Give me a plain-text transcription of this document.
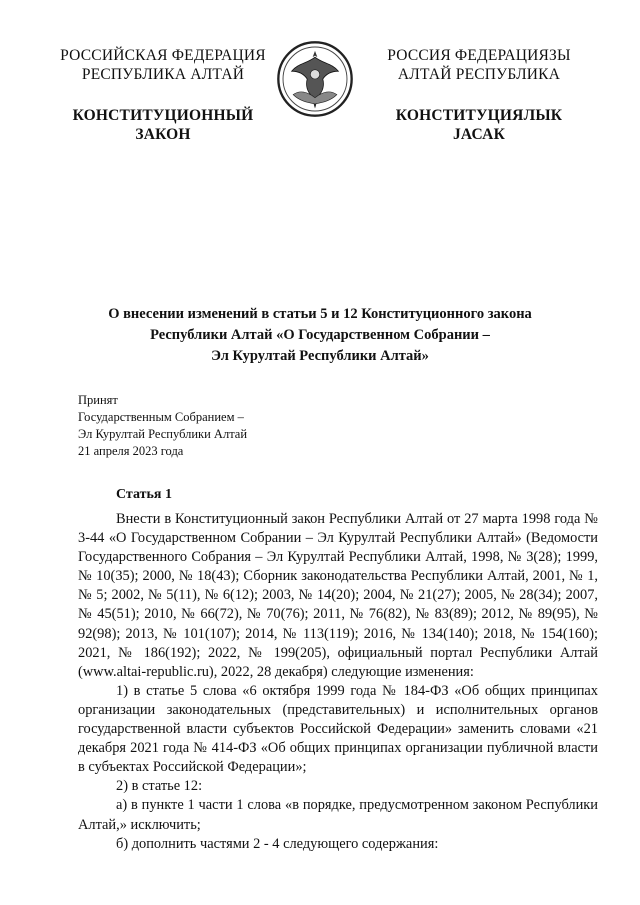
РОССИЙСКАЯ ФЕДЕРАЦИЯ
РЕСПУБЛИКА АЛТАЙ
КОНСТИТУЦИОННЫЙ
ЗАКОН
РОССИЯ ФЕДЕРАЦИЯЗЫ
АЛТАЙ РЕСПУБЛИКА
КОНСТИТУЦИЯЛЫК
JАСАК
О внесении изменений в статьи 5 и 12 Конституционного закона
Республики Алтай «О Государственном Собрании –
Эл Курултай Республики Алтай»
Принят
Государственным Собранием –
Эл Курултай Республики Алтай
21 апреля 2023 года
Статья 1

Внести в Конституционный закон Республики Алтай от 27 марта 1998 года № 3-44 «О Государственном Собрании – Эл Курултай Республики Алтай» (Ведомости Государственного Собрания – Эл Курултай Республики Алтай, 1998, № 3(28); 1999, № 10(35); 2000, № 18(43); Сборник законодательства Республики Алтай, 2001, № 1, № 5; 2002, № 5(11), № 6(12); 2003, № 14(20); 2004, № 21(27); 2005, № 28(34); 2007, № 45(51); 2010, № 66(72), № 70(76); 2011, № 76(82), № 83(89); 2012, № 89(95), № 92(98); 2013, № 101(107); 2014, № 113(119); 2016, № 134(140); 2018, № 154(160); 2021, № 186(192); 2022, № 199(205), официальный портал Республики Алтай (www.altai-republic.ru), 2022, 28 декабря) следующие изменения:

1) в статье 5 слова «6 октября 1999 года № 184-ФЗ «Об общих принципах организации законодательных (представительных) и исполнительных органов государственной власти субъектов Российской Федерации» заменить словами «21 декабря 2021 года № 414-ФЗ «Об общих принципах организации публичной власти в субъектах Российской Федерации»;

2) в статье 12:

а) в пункте 1 части 1 слова «в порядке, предусмотренном законом Республики Алтай,» исключить;

б) дополнить частями 2 - 4 следующего содержания:
